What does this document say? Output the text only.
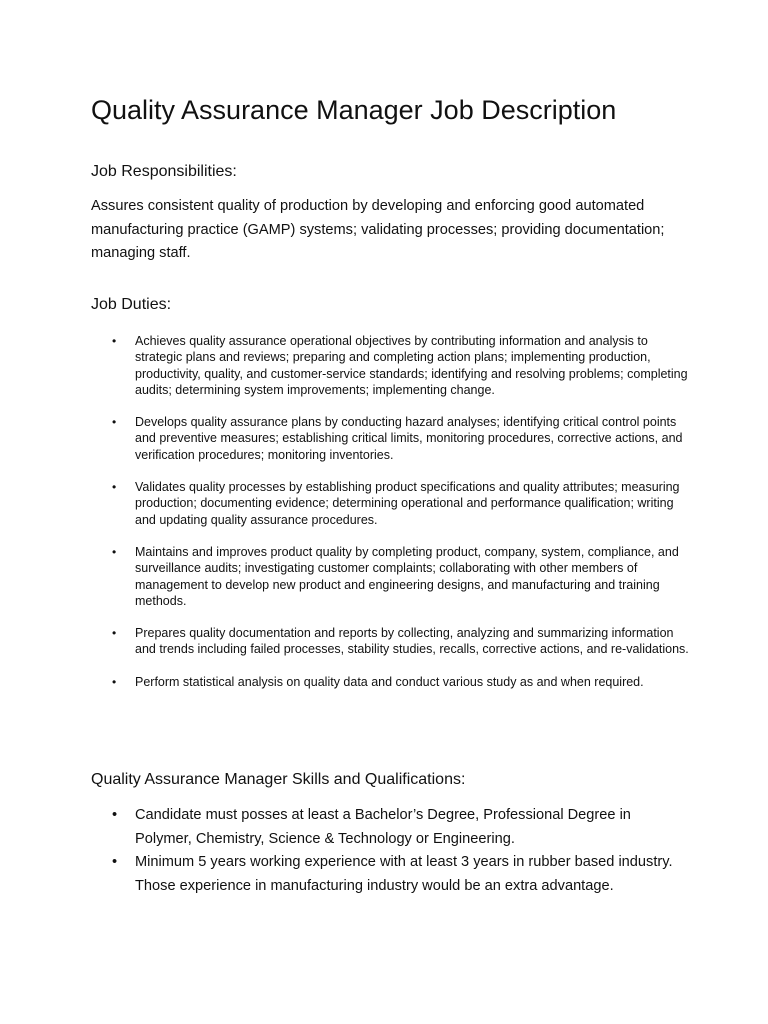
Quality Assurance Manager Job Description
Job Responsibilities:

Assures consistent quality of production by developing and enforcing good automated manufacturing practice (GAMP) systems; validating processes; providing documentation; managing staff.

Job Duties:
• Achieves quality assurance operational objectives by contributing information and analysis to strategic plans and reviews; preparing and completing action plans; implementing production, productivity, quality, and customer-service standards; identifying and resolving problems; completing audits; determining system improvements; implementing change.
• Develops quality assurance plans by conducting hazard analyses; identifying critical control points and preventive measures; establishing critical limits, monitoring procedures, corrective actions, and verification procedures; monitoring inventories.
• Validates quality processes by establishing product specifications and quality attributes; measuring production; documenting evidence; determining operational and performance qualification; writing and updating quality assurance procedures.
• Maintains and improves product quality by completing product, company, system, compliance, and surveillance audits; investigating customer complaints; collaborating with other members of management to develop new product and engineering designs, and manufacturing and training methods.
• Prepares quality documentation and reports by collecting, analyzing and summarizing information and trends including failed processes, stability studies, recalls, corrective actions, and re-validations.
• Perform statistical analysis on quality data and conduct various study as and when required.
Quality Assurance Manager Skills and Qualifications:
• Candidate must posses at least a Bachelor’s Degree, Professional Degree in Polymer, Chemistry, Science & Technology or Engineering.
• Minimum 5 years working experience with at least 3 years in rubber based industry. Those experience in manufacturing industry would be an extra advantage.
